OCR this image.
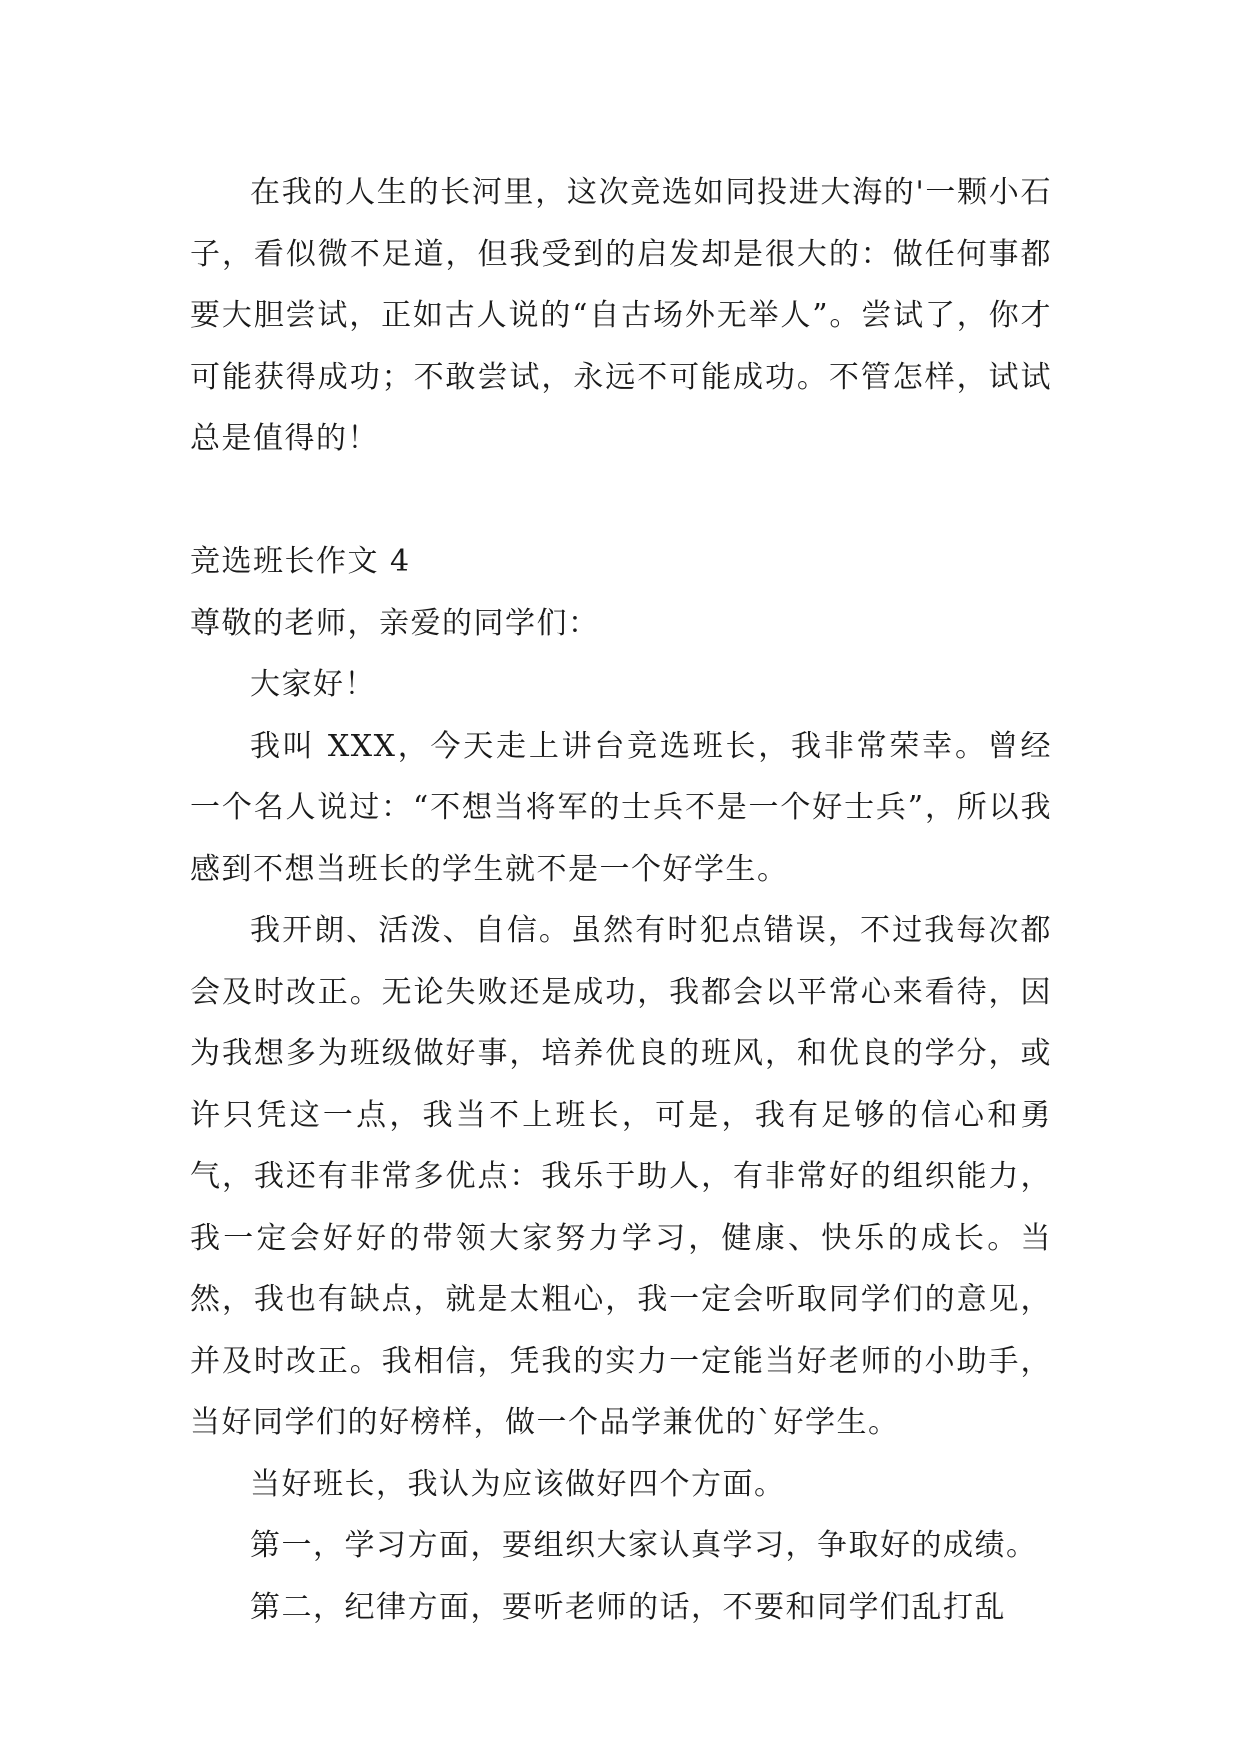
在我的人生的长河里，这次竞选如同投进大海的'一颗小石子，看似微不足道，但我受到的启发却是很大的：做任何事都要大胆尝试，正如古人说的“自古场外无举人”。尝试了，你才可能获得成功；不敢尝试，永远不可能成功。不管怎样，试试总是值得的！

竞选班长作文 4

尊敬的老师，亲爱的同学们：

大家好！

我叫 XXX，今天走上讲台竞选班长，我非常荣幸。曾经一个名人说过：“不想当将军的士兵不是一个好士兵”，所以我感到不想当班长的学生就不是一个好学生。

我开朗、活泼、自信。虽然有时犯点错误，不过我每次都会及时改正。无论失败还是成功，我都会以平常心来看待，因为我想多为班级做好事，培养优良的班风，和优良的学分，或许只凭这一点，我当不上班长，可是，我有足够的信心和勇气，我还有非常多优点：我乐于助人，有非常好的组织能力，我一定会好好的带领大家努力学习，健康、快乐的成长。当然，我也有缺点，就是太粗心，我一定会听取同学们的意见，并及时改正。我相信，凭我的实力一定能当好老师的小助手，当好同学们的好榜样，做一个品学兼优的`好学生。

当好班长，我认为应该做好四个方面。

第一，学习方面，要组织大家认真学习，争取好的成绩。

第二，纪律方面，要听老师的话，不要和同学们乱打乱
